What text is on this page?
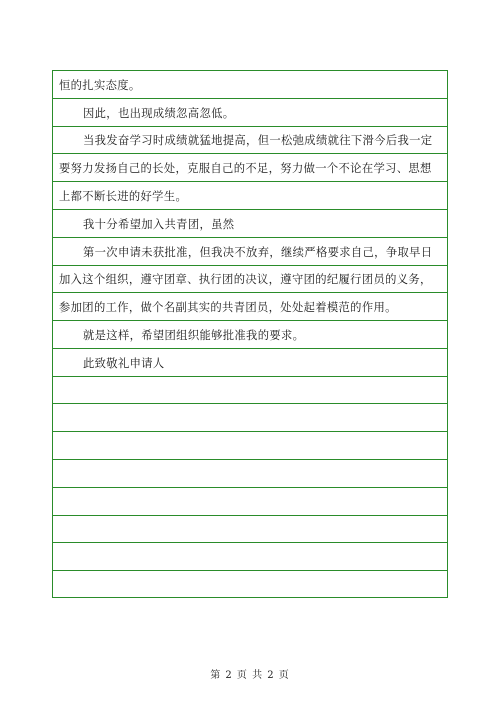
恒的扎实态度。
因此，也出现成绩忽高忽低。
当我发奋学习时成绩就猛地提高，但一松弛成绩就往下滑今后我一定
要努力发扬自己的长处，克服自己的不足，努力做一个不论在学习、思想
上都不断长进的好学生。
我十分希望加入共青团，虽然
第一次申请未获批准，但我决不放弃，继续严格要求自己，争取早日
加入这个组织，遵守团章、执行团的决议，遵守团的纪履行团员的义务，
参加团的工作，做个名副其实的共青团员，处处起着模范的作用。
就是这样，希望团组织能够批准我的要求。
此致敬礼申请人
第 2 页 共 2 页
